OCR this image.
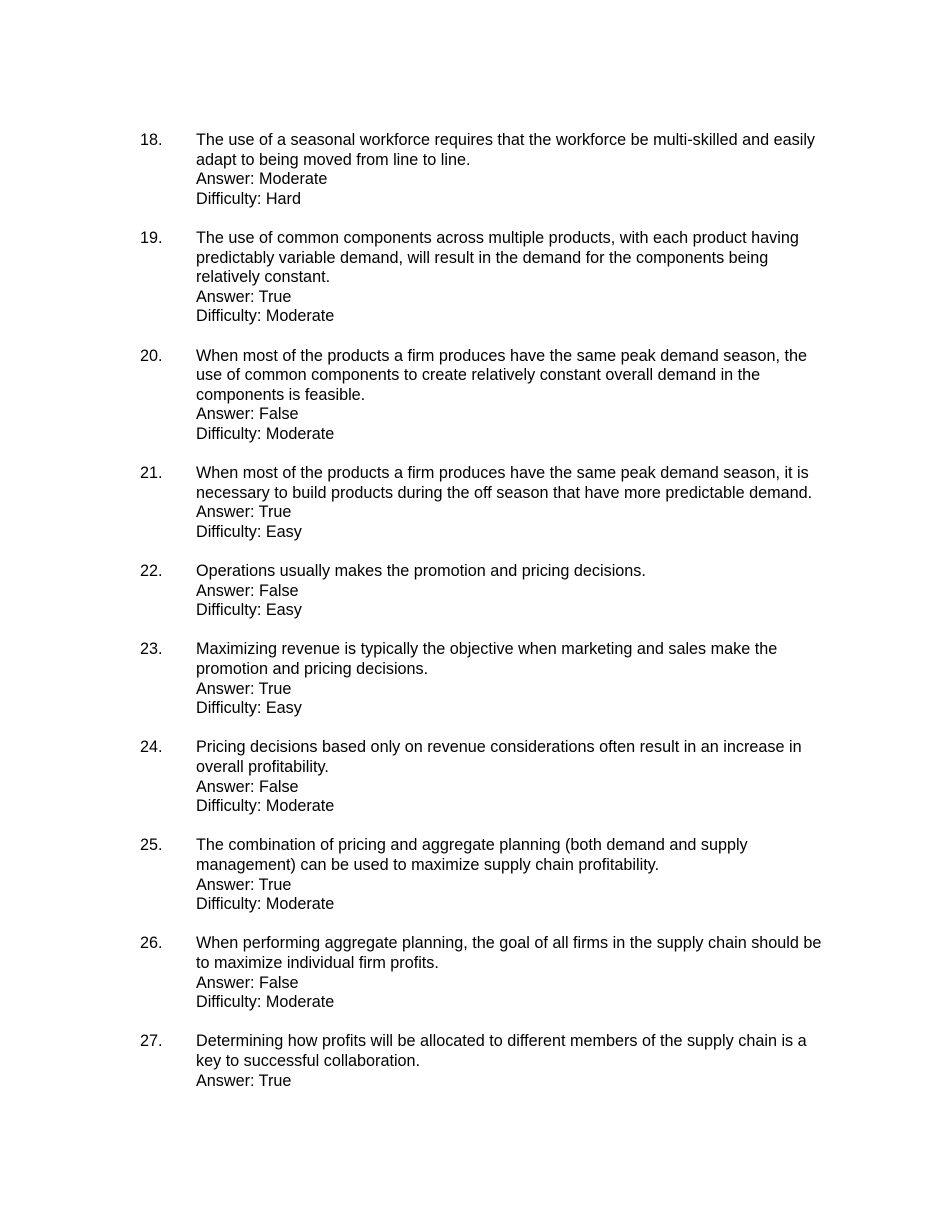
18.	The use of a seasonal workforce requires that the workforce be multi-skilled and easily adapt to being moved from line to line.
Answer: Moderate
Difficulty: Hard
19.	The use of common components across multiple products, with each product having predictably variable demand, will result in the demand for the components being relatively constant.
Answer: True
Difficulty: Moderate
20.	When most of the products a firm produces have the same peak demand season, the use of common components to create relatively constant overall demand in the components is feasible.
Answer: False
Difficulty: Moderate
21.	When most of the products a firm produces have the same peak demand season, it is necessary to build products during the off season that have more predictable demand.
Answer: True
Difficulty: Easy
22.	Operations usually makes the promotion and pricing decisions.
Answer: False
Difficulty: Easy
23.	Maximizing revenue is typically the objective when marketing and sales make the promotion and pricing decisions.
Answer: True
Difficulty: Easy
24.	Pricing decisions based only on revenue considerations often result in an increase in overall profitability.
Answer: False
Difficulty: Moderate
25.	The combination of pricing and aggregate planning (both demand and supply management) can be used to maximize supply chain profitability.
Answer: True
Difficulty: Moderate
26.	When performing aggregate planning, the goal of all firms in the supply chain should be to maximize individual firm profits.
Answer: False
Difficulty: Moderate
27.	Determining how profits will be allocated to different members of the supply chain is a key to successful collaboration.
Answer: True
